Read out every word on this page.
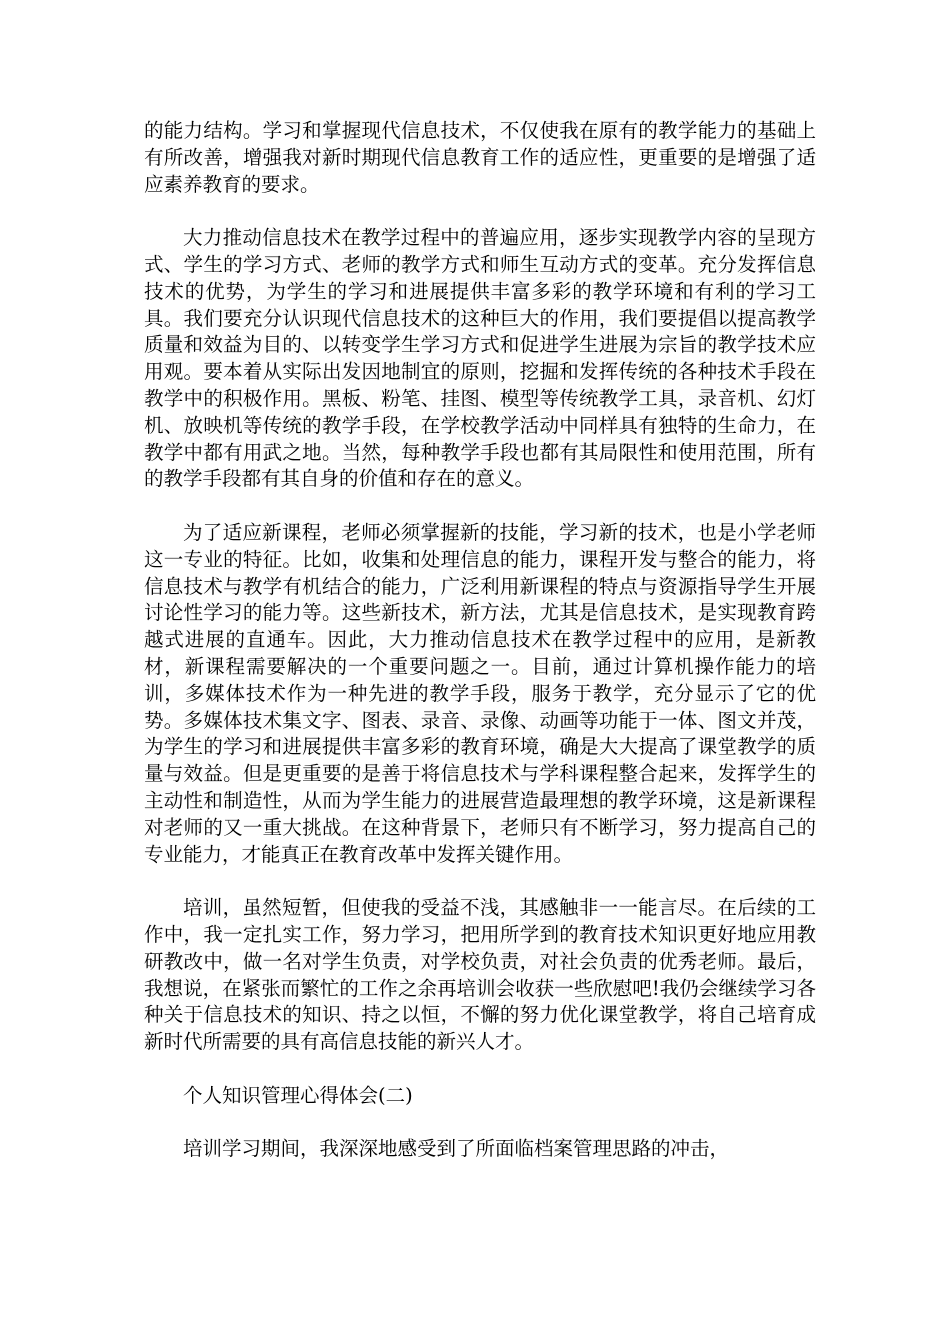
的能力结构。学习和掌握现代信息技术，不仅使我在原有的教学能力的基础上有所改善，增强我对新时期现代信息教育工作的适应性，更重要的是增强了适应素养教育的要求。

大力推动信息技术在教学过程中的普遍应用，逐步实现教学内容的呈现方式、学生的学习方式、老师的教学方式和师生互动方式的变革。充分发挥信息技术的优势，为学生的学习和进展提供丰富多彩的教学环境和有利的学习工具。我们要充分认识现代信息技术的这种巨大的作用，我们要提倡以提高教学质量和效益为目的、以转变学生学习方式和促进学生进展为宗旨的教学技术应用观。要本着从实际出发因地制宜的原则，挖掘和发挥传统的各种技术手段在教学中的积极作用。黑板、粉笔、挂图、模型等传统教学工具，录音机、幻灯机、放映机等传统的教学手段，在学校教学活动中同样具有独特的生命力，在教学中都有用武之地。当然，每种教学手段也都有其局限性和使用范围，所有的教学手段都有其自身的价值和存在的意义。

为了适应新课程，老师必须掌握新的技能，学习新的技术，也是小学老师这一专业的特征。比如，收集和处理信息的能力，课程开发与整合的能力，将信息技术与教学有机结合的能力，广泛利用新课程的特点与资源指导学生开展讨论性学习的能力等。这些新技术，新方法，尤其是信息技术，是实现教育跨越式进展的直通车。因此，大力推动信息技术在教学过程中的应用，是新教材，新课程需要解决的一个重要问题之一。目前，通过计算机操作能力的培训，多媒体技术作为一种先进的教学手段，服务于教学，充分显示了它的优势。多媒体技术集文字、图表、录音、录像、动画等功能于一体、图文并茂，为学生的学习和进展提供丰富多彩的教育环境，确是大大提高了课堂教学的质量与效益。但是更重要的是善于将信息技术与学科课程整合起来，发挥学生的主动性和制造性，从而为学生能力的进展营造最理想的教学环境，这是新课程对老师的又一重大挑战。在这种背景下，老师只有不断学习，努力提高自己的专业能力，才能真正在教育改革中发挥关键作用。

培训，虽然短暂，但使我的受益不浅，其感触非一一能言尽。在后续的工作中，我一定扎实工作，努力学习，把用所学到的教育技术知识更好地应用教研教改中，做一名对学生负责，对学校负责，对社会负责的优秀老师。最后，我想说，在紧张而繁忙的工作之余再培训会收获一些欣慰吧!我仍会继续学习各种关于信息技术的知识、持之以恒，不懈的努力优化课堂教学，将自己培育成新时代所需要的具有高信息技能的新兴人才。

个人知识管理心得体会(二)

培训学习期间，我深深地感受到了所面临档案管理思路的冲击，
